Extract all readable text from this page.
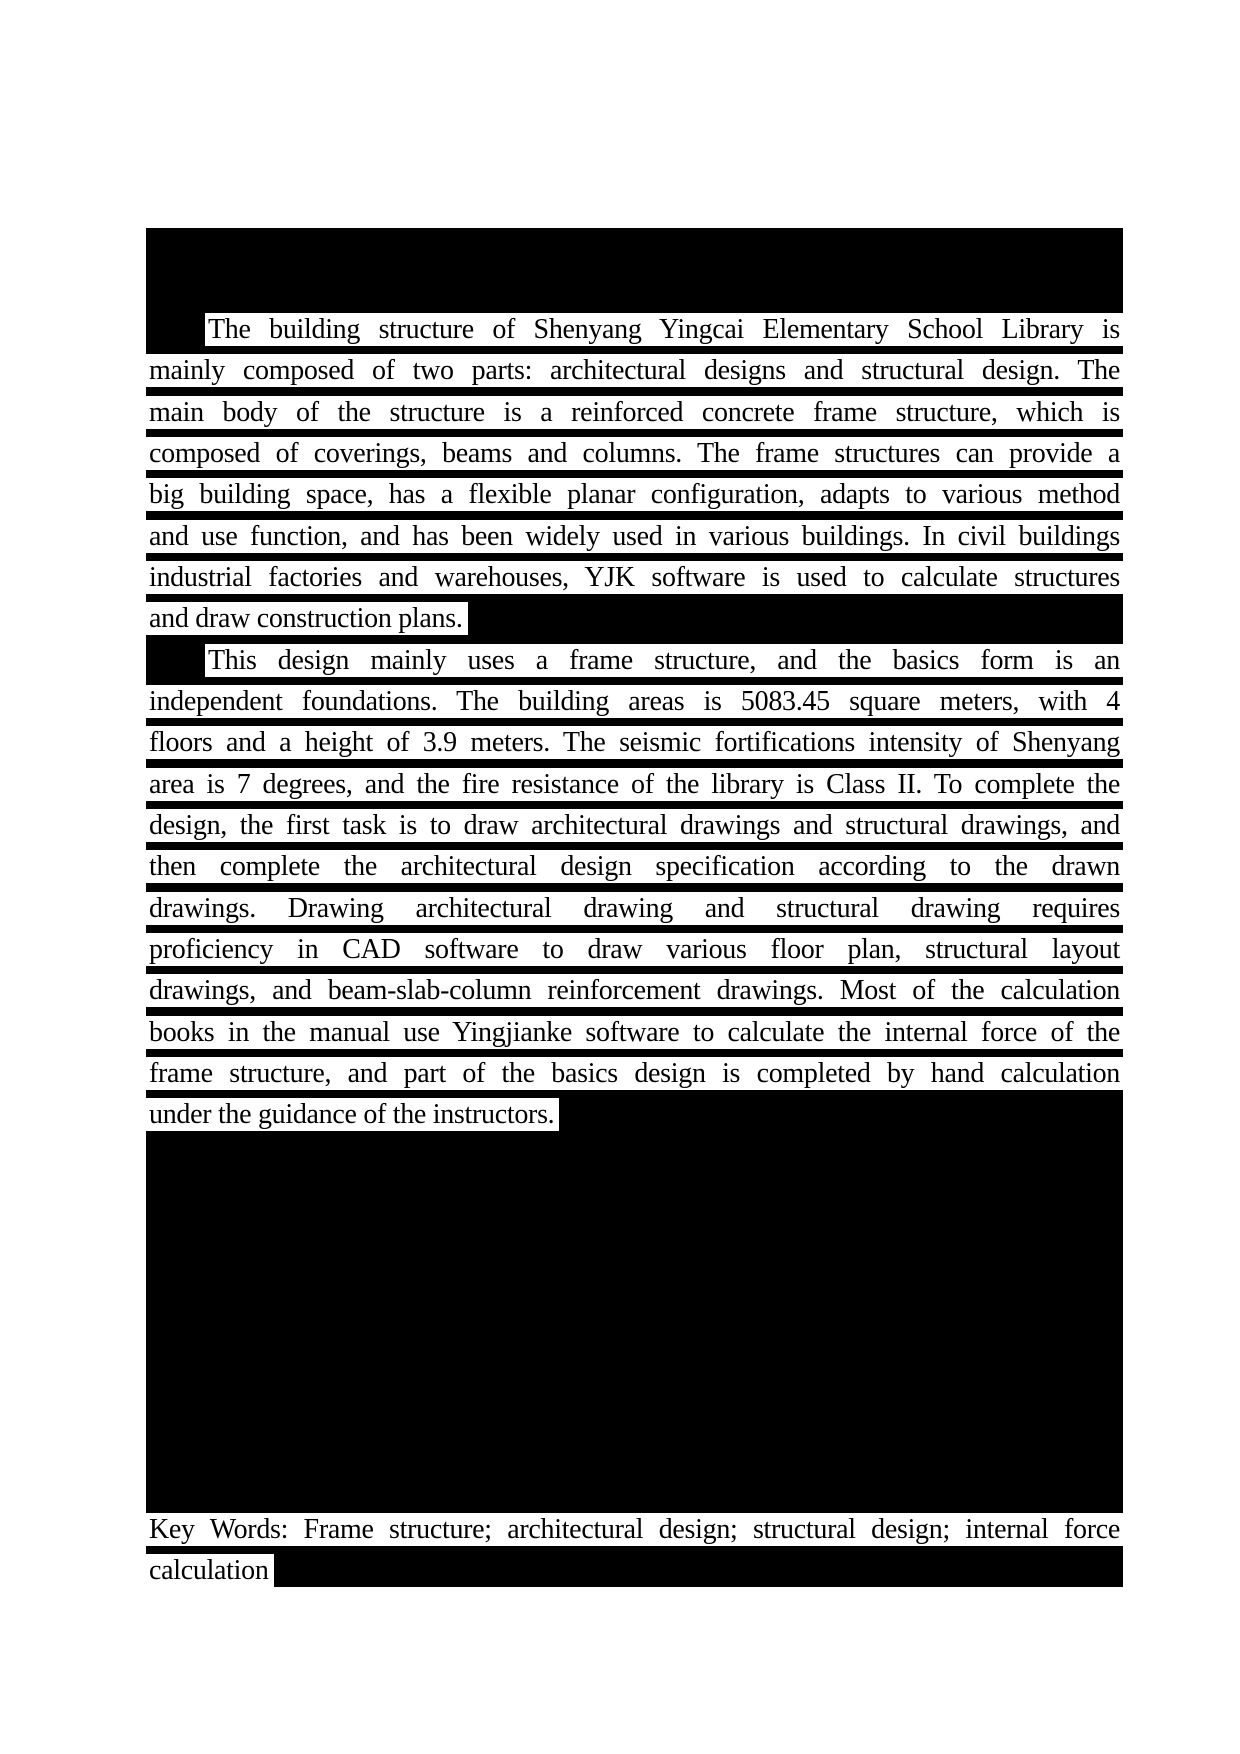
The building structure of Shenyang Yingcai Elementary School Library is
mainly composed of two parts: architectural designs and structural design. The
main body of the structure is a reinforced concrete frame structure, which is
composed of coverings, beams and columns. The frame structures can provide a
big building space, has a flexible planar configuration, adapts to various method
and use function, and has been widely used in various buildings. In civil buildings
industrial factories and warehouses, YJK software is used to calculate structures
and draw construction plans.
This design mainly uses a frame structure, and the basics form is an
independent foundations. The building areas is 5083.45 square meters, with 4
floors and a height of 3.9 meters. The seismic fortifications intensity of Shenyang
area is 7 degrees, and the fire resistance of the library is Class II. To complete the
design, the first task is to draw architectural drawings and structural drawings, and
then complete the architectural design specification according to the drawn
drawings. Drawing architectural drawing and structural drawing requires
proficiency in CAD software to draw various floor plan, structural layout
drawings, and beam-slab-column reinforcement drawings. Most of the calculation
books in the manual use Yingjianke software to calculate the internal force of the
frame structure, and part of the basics design is completed by hand calculation
under the guidance of the instructors.
Key Words: Frame structure; architectural design; structural design; internal force
calculation
